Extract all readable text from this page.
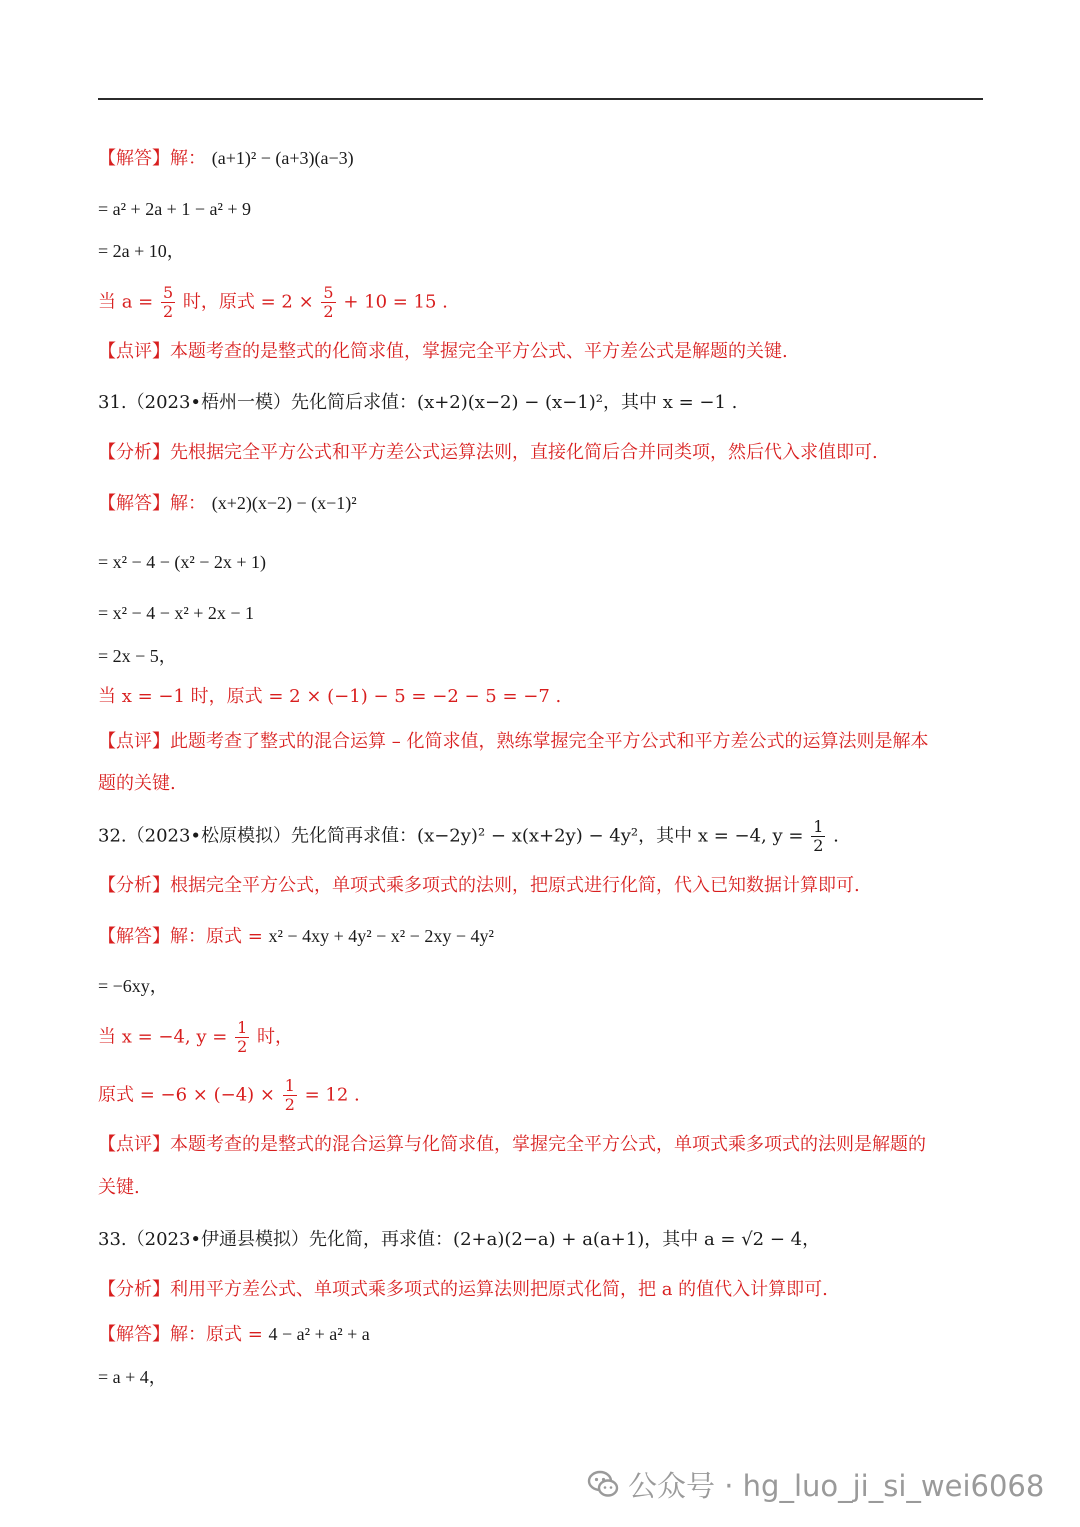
【解答】解： (a+1)² − (a+3)(a−3)
= a² + 2a + 1 − a² + 9
= 2a + 10，
当 $a = \frac{5}{2}$ 时，原式 = $2 \times \frac{5}{2} + 10 = 15$ .
【点评】本题考查的是整式的化简求值，掌握完全平方公式、平方差公式是解题的关键.
31.（2023•梧州一模）先化简后求值：(x+2)(x−2) − (x−1)²，其中 x = −1 .
【分析】先根据完全平方公式和平方差公式运算法则，直接化简后合并同类项，然后代入求值即可.
【解答】解： (x+2)(x−2) − (x−1)²
= x² − 4 − (x² − 2x + 1)
= x² − 4 − x² + 2x − 1
= 2x − 5，
当 x = −1 时，原式 = 2 × (−1) − 5 = −2 − 5 = −7 .
【点评】此题考查了整式的混合运算 – 化简求值，熟练掌握完全平方公式和平方差公式的运算法则是解本
题的关键.
32.（2023•松原模拟）先化简再求值：(x−2y)² − x(x+2y) − 4y²，其中 x = −4, $y = \frac{1}{2}$ .
【分析】根据完全平方公式，单项式乘多项式的法则，把原式进行化简，代入已知数据计算即可.
【解答】解：原式 = x² − 4xy + 4y² − x² − 2xy − 4y²
= −6xy，
当 x = −4, $y = \frac{1}{2}$ 时，
原式 = $-6 \times (-4) \times \frac{1}{2} = 12$ .
【点评】本题考查的是整式的混合运算与化简求值，掌握完全平方公式，单项式乘多项式的法则是解题的
关键.
33.（2023•伊通县模拟）先化简，再求值：(2+a)(2−a) + a(a+1)，其中 a = √2 − 4，
【分析】利用平方差公式、单项式乘多项式的运算法则把原式化简，把 a 的值代入计算即可.
【解答】解：原式 = 4 − a² + a² + a
= a + 4，
公众号 · hg_luo_ji_si_wei6068
